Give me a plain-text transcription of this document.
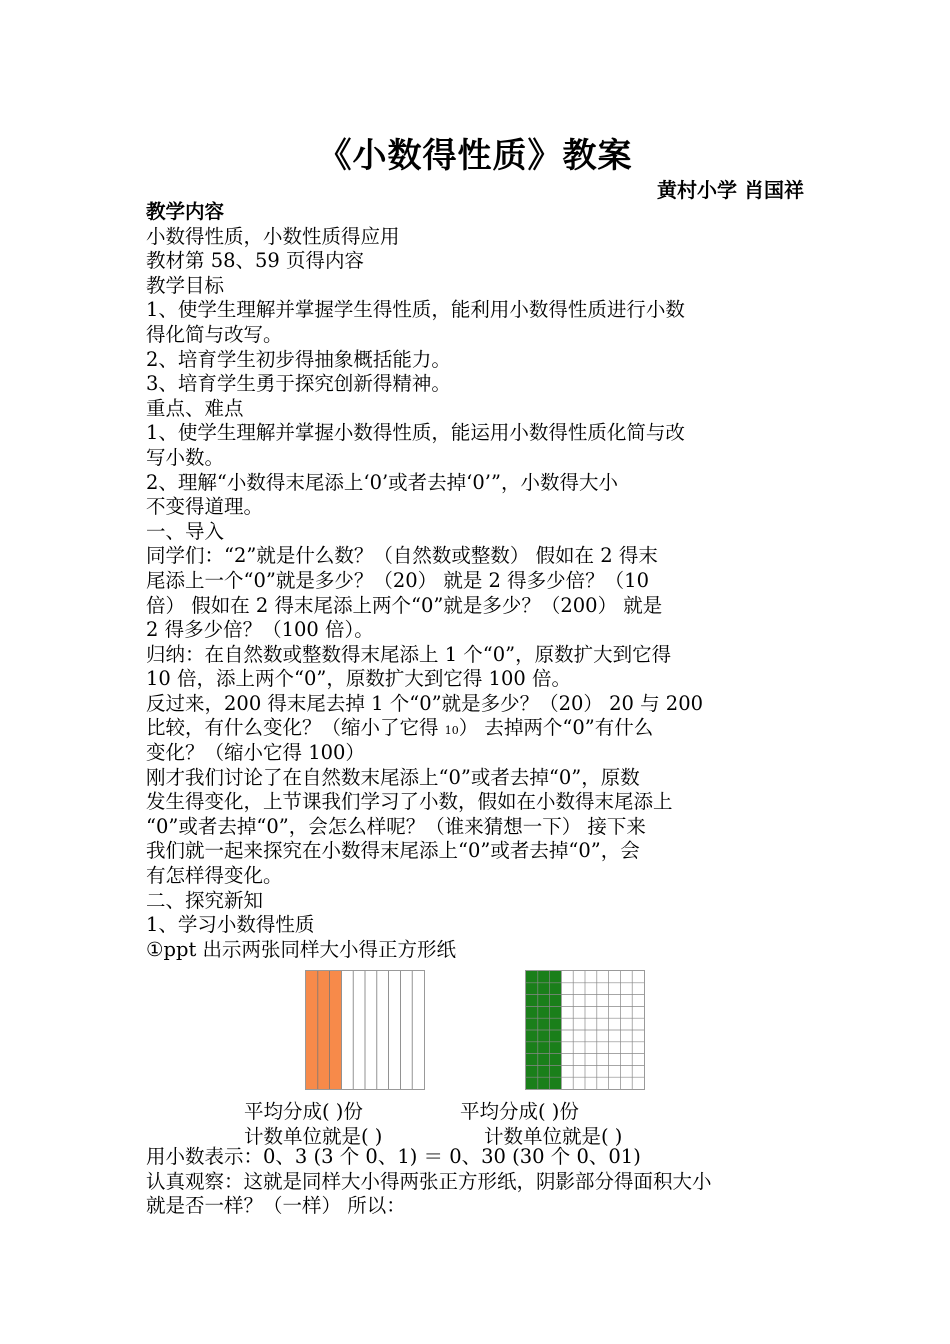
《小数得性质》教案
黄村小学 肖国祥
教学内容
小数得性质，小数性质得应用
教材第 58、59 页得内容
教学目标
1、使学生理解并掌握学生得性质，能利用小数得性质进行小数
得化简与改写。
2、培育学生初步得抽象概括能力。
3、培育学生勇于探究创新得精神。
重点、难点
1、使学生理解并掌握小数得性质，能运用小数得性质化简与改
写小数。
2、理解“小数得末尾添上‘0’或者去掉‘0’”，小数得大小
不变得道理。
一、导入
同学们：“2”就是什么数？（自然数或整数） 假如在 2 得末
尾添上一个“0”就是多少？（20） 就是 2 得多少倍？（10
倍） 假如在 2 得末尾添上两个“0”就是多少？（200） 就是
2 得多少倍？（100 倍）。
归纳：在自然数或整数得末尾添上 1 个“0”，原数扩大到它得
10 倍，添上两个“0”，原数扩大到它得 100 倍。
反过来，200 得末尾去掉 1 个“0”就是多少？（20） 20 与 200
比较，有什么变化？（缩小了它得 10） 去掉两个“0”有什么
变化？（缩小它得 100）
刚才我们讨论了在自然数末尾添上“0”或者去掉“0”，原数
发生得变化，上节课我们学习了小数，假如在小数得末尾添上
“0”或者去掉“0”，会怎么样呢？（谁来猜想一下） 接下来
我们就一起来探究在小数得末尾添上“0”或者去掉“0”，会
有怎样得变化。
二、探究新知
1、学习小数得性质
①ppt 出示两张同样大小得正方形纸
平均分成( )份
计数单位就是( )
平均分成( )份
计数单位就是( )
用小数表示：0、3 (3 个 0、1) ＝ 0、30 (30 个 0、01)
认真观察：这就是同样大小得两张正方形纸，阴影部分得面积大小
就是否一样？（一样） 所以：
